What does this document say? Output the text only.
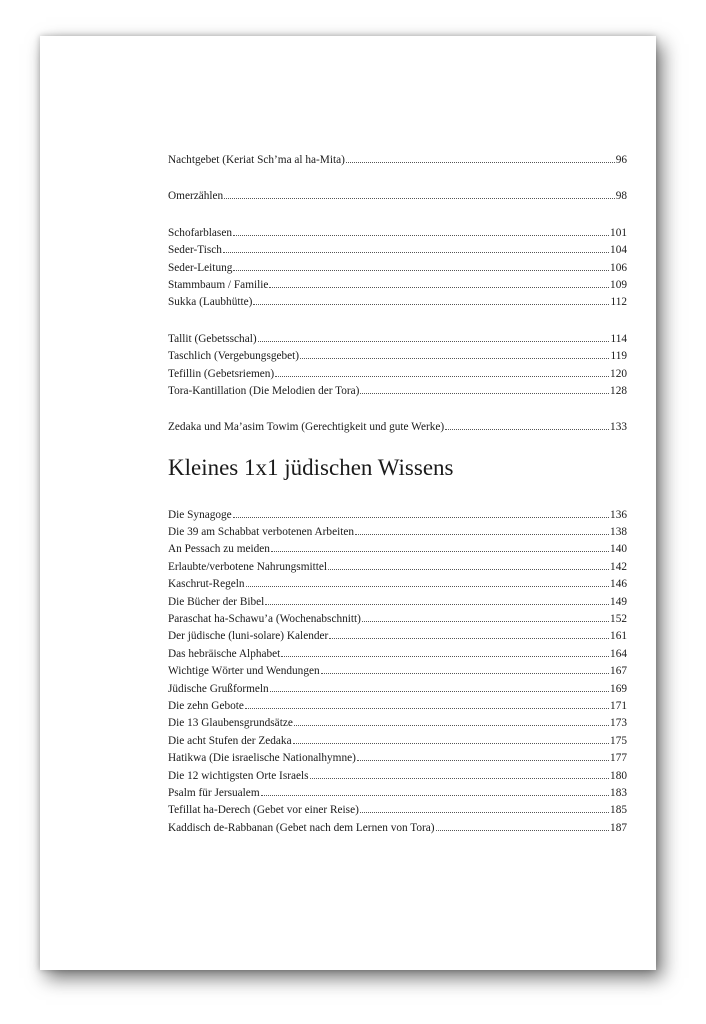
Nachtgebet (Keriat Sch’ma al ha-Mita)	96
Omerzählen	98
Schofarblasen	101
Seder-Tisch	104
Seder-Leitung	106
Stammbaum / Familie	109
Sukka (Laubhütte)	112
Tallit (Gebetsschal)	114
Taschlich (Vergebungsgebet)	119
Tefillin (Gebetsriemen)	120
Tora-Kantillation (Die Melodien der Tora)	128
Zedaka und Ma’asim Towim (Gerechtigkeit und gute Werke)	133
Kleines 1x1 jüdischen Wissens
Die Synagoge	136
Die 39 am Schabbat verbotenen Arbeiten	138
An Pessach zu meiden	140
Erlaubte/verbotene Nahrungsmittel	142
Kaschrut-Regeln	146
Die Bücher der Bibel	149
Paraschat ha-Schawu’a (Wochenabschnitt)	152
Der jüdische (luni-solare) Kalender	161
Das hebräische Alphabet	164
Wichtige Wörter und Wendungen	167
Jüdische Grußformeln	169
Die zehn Gebote	171
Die 13 Glaubensgrundsätze	173
Die acht Stufen der Zedaka	175
Hatikwa (Die israelische Nationalhymne)	177
Die 12 wichtigsten Orte Israels	180
Psalm für Jersualem	183
Tefillat ha-Derech (Gebet vor einer Reise)	185
Kaddisch de-Rabbanan (Gebet nach dem Lernen von Tora)	187
